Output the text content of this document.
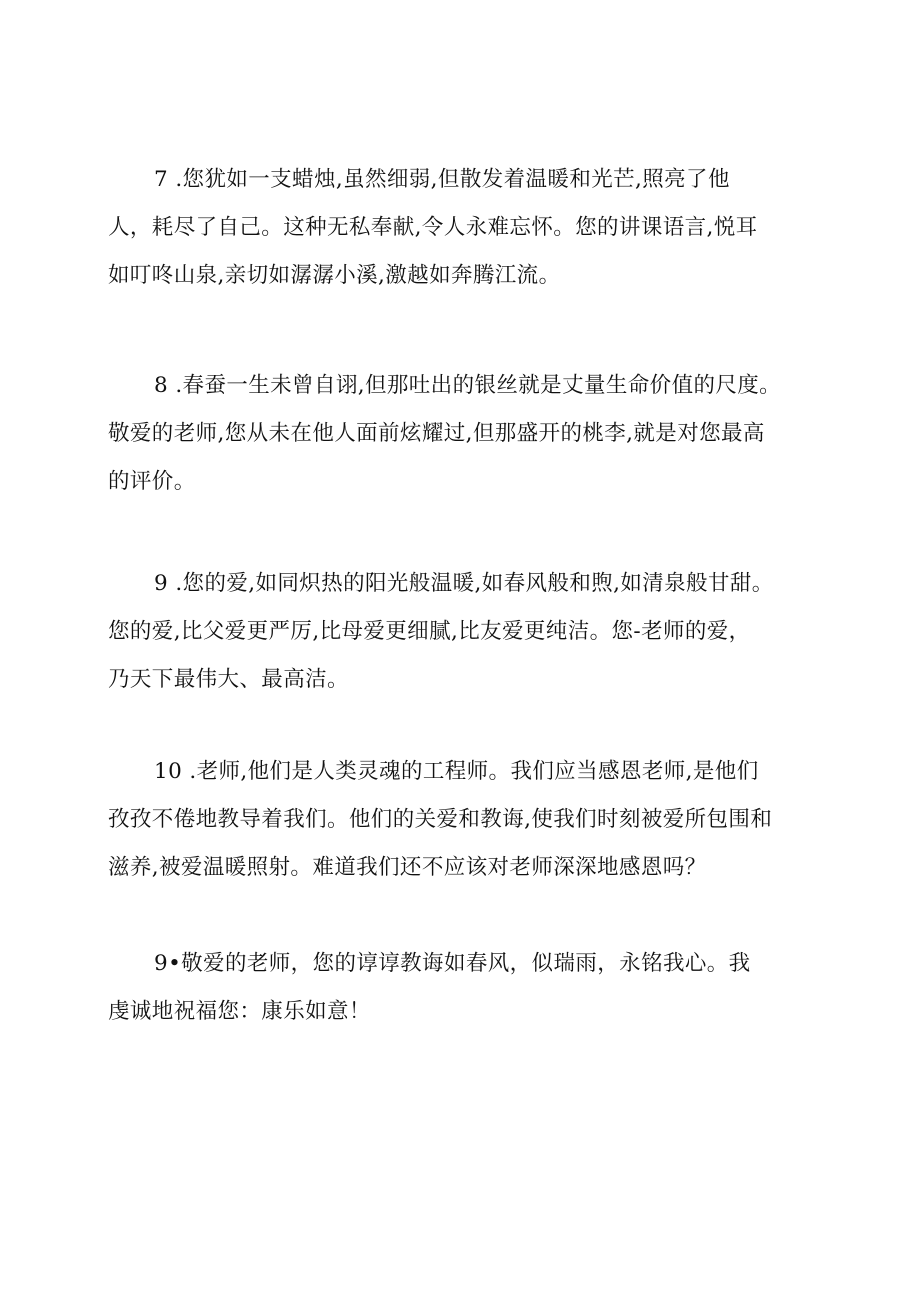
7 .您犹如一支蜡烛,虽然细弱,但散发着温暖和光芒,照亮了他
人，耗尽了自己。这种无私奉献,令人永难忘怀。您的讲课语言,悦耳
如叮咚山泉,亲切如潺潺小溪,激越如奔腾江流。
8 .春蚕一生未曾自诩,但那吐出的银丝就是丈量生命价值的尺度。
敬爱的老师,您从未在他人面前炫耀过,但那盛开的桃李,就是对您最高
的评价。
9 .您的爱,如同炽热的阳光般温暖,如春风般和煦,如清泉般甘甜。
您的爱,比父爱更严厉,比母爱更细腻,比友爱更纯洁。您-老师的爱，
乃天下最伟大、最高洁。
10 .老师,他们是人类灵魂的工程师。我们应当感恩老师,是他们
孜孜不倦地教导着我们。他们的关爱和教诲,使我们时刻被爱所包围和
滋养,被爱温暖照射。难道我们还不应该对老师深深地感恩吗？
9•敬爱的老师，您的谆谆教诲如春风，似瑞雨，永铭我心。我
虔诚地祝福您：康乐如意！
